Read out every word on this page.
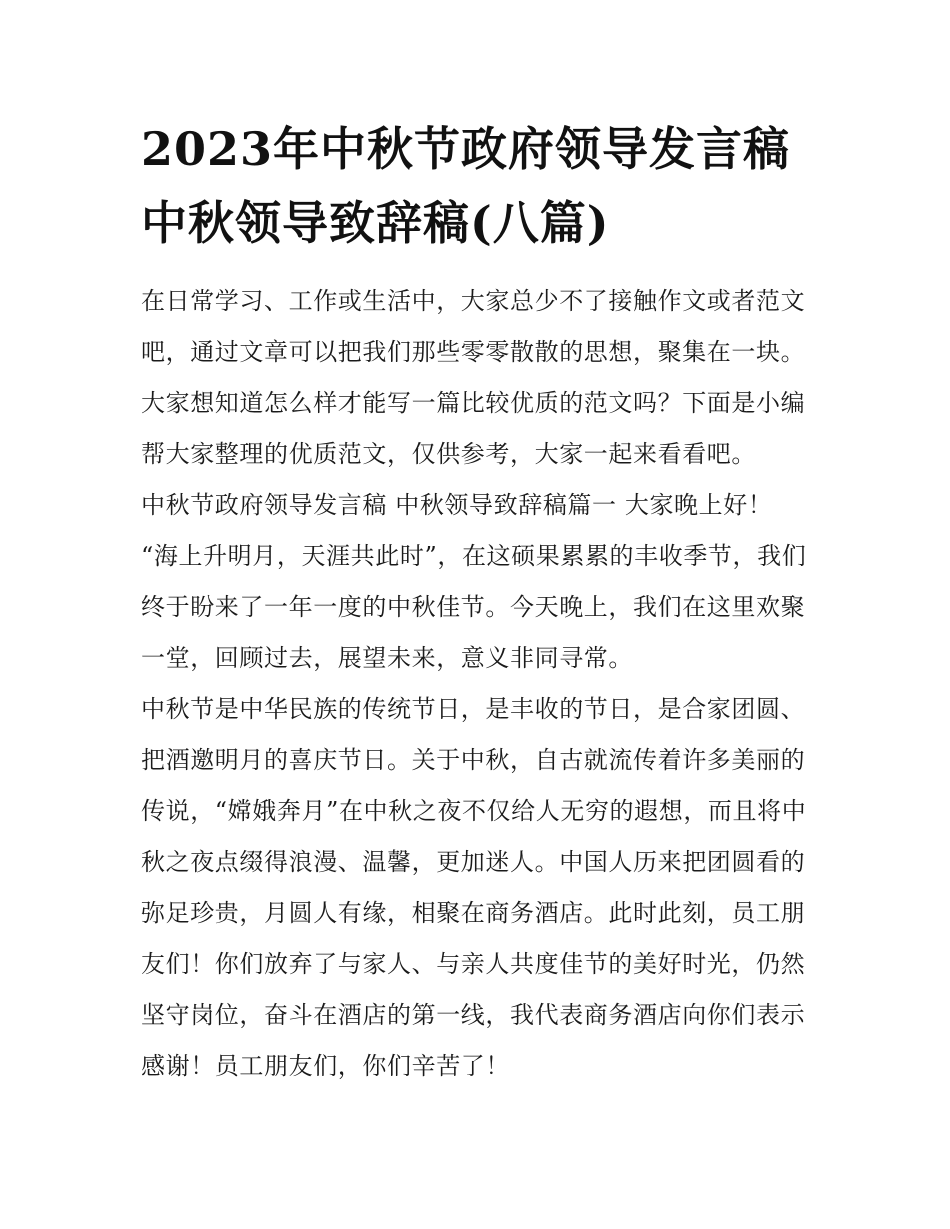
2023年中秋节政府领导发言稿
中秋领导致辞稿(八篇)
在日常学习、工作或生活中，大家总少不了接触作文或者范文
吧，通过文章可以把我们那些零零散散的思想，聚集在一块。
大家想知道怎么样才能写一篇比较优质的范文吗？下面是小编
帮大家整理的优质范文，仅供参考，大家一起来看看吧。
中秋节政府领导发言稿 中秋领导致辞稿篇一 大家晚上好！
“海上升明月，天涯共此时”，在这硕果累累的丰收季节，我们
终于盼来了一年一度的中秋佳节。今天晚上，我们在这里欢聚
一堂，回顾过去，展望未来，意义非同寻常。
中秋节是中华民族的传统节日，是丰收的节日，是合家团圆、
把酒邀明月的喜庆节日。关于中秋，自古就流传着许多美丽的
传说，“嫦娥奔月”在中秋之夜不仅给人无穷的遐想，而且将中
秋之夜点缀得浪漫、温馨，更加迷人。中国人历来把团圆看的
弥足珍贵，月圆人有缘，相聚在商务酒店。此时此刻，员工朋
友们！你们放弃了与家人、与亲人共度佳节的美好时光，仍然
坚守岗位，奋斗在酒店的第一线，我代表商务酒店向你们表示
感谢！员工朋友们，你们辛苦了！
